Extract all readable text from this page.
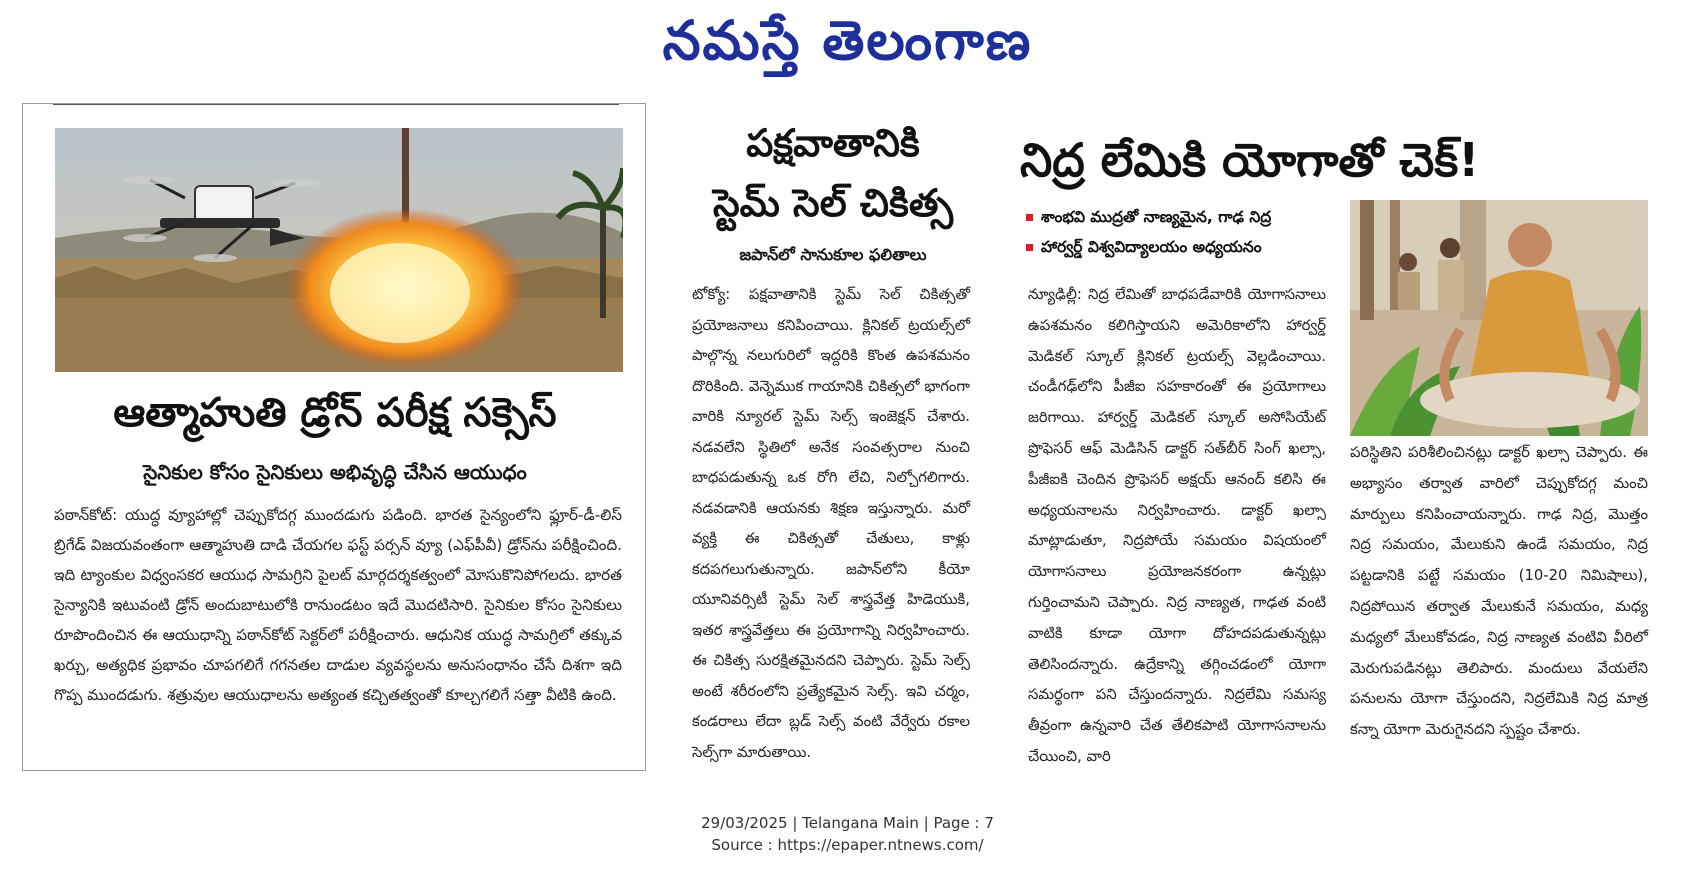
నమస్తే తెలంగాణ
ఆత్మాహుతి డ్రోన్ పరీక్ష సక్సెస్
సైనికుల కోసం సైనికులు అభివృద్ధి చేసిన ఆయుధం
పఠాన్‌కోట్: యుద్ధ వ్యూహాల్లో చెప్పుకోదగ్గ ముందడుగు పడింది. భారత సైన్యంలోని ఫ్లూర్-డీ-లిస్ బ్రిగేడ్ విజయవంతంగా ఆత్మాహుతి దాడి చేయగల ఫస్ట్ పర్సన్ వ్యూ (ఎఫ్‌పీవీ) డ్రోన్‌ను పరీక్షించింది. ఇది ట్యాంకుల విధ్వంసకర ఆయుధ సామగ్రిని పైలట్ మార్గదర్శకత్వంలో మోసుకొనిపోగలదు. భారత సైన్యానికి ఇటువంటి డ్రోన్ అందుబాటులోకి రానుండటం ఇదే మొదటిసారి. సైనికుల కోసం సైనికులు రూపొందించిన ఈ ఆయుధాన్ని పఠాన్‌కోట్ సెక్టర్‌లో పరీక్షించారు. ఆధునిక యుద్ధ సామగ్రిలో తక్కువ ఖర్చు, అత్యధిక ప్రభావం చూపగలిగే గగనతల దాడుల వ్యవస్థలను అనుసంధానం చేసే దిశగా ఇది గొప్ప ముందడుగు. శత్రువుల ఆయుధాలను అత్యంత కచ్చితత్వంతో కూల్చగలిగే సత్తా వీటికి ఉంది.
పక్షవాతానికి
స్టెమ్ సెల్ చికిత్స
జపాన్‌లో సానుకూల ఫలితాలు
టోక్యో: పక్షవాతానికి స్టెమ్ సెల్ చికిత్సతో ప్రయోజనాలు కనిపించాయి. క్లినికల్ ట్రయల్స్‌లో పాల్గొన్న నలుగురిలో ఇద్దరికి కొంత ఉపశమనం దొరికింది. వెన్నెముక గాయానికి చికిత్సలో భాగంగా వారికి న్యూరల్ స్టెమ్ సెల్స్ ఇంజెక్షన్ చేశారు. నడవలేని స్థితిలో అనేక సంవత్సరాల నుంచి బాధపడుతున్న ఒక రోగి లేచి, నిల్చోగలిగారు. నడవడానికి ఆయనకు శిక్షణ ఇస్తున్నారు. మరో వ్యక్తి ఈ చికిత్సతో చేతులు, కాళ్లు కదపగలుగుతున్నారు. జపాన్‌లోని కీయో యూనివర్సిటీ స్టెమ్ సెల్ శాస్త్రవేత్త హిడెయుకి, ఇతర శాస్త్రవేత్తలు ఈ ప్రయోగాన్ని నిర్వహించారు. ఈ చికిత్స సురక్షితమైనదని చెప్పారు. స్టెమ్ సెల్స్ అంటే శరీరంలోని ప్రత్యేకమైన సెల్స్. ఇవి చర్మం, కండరాలు లేదా బ్లడ్ సెల్స్ వంటి వేర్వేరు రకాల సెల్స్‌గా మారుతాయి.
నిద్ర లేమికి యోగాతో చెక్!
శాంభవి ముద్రతో నాణ్యమైన, గాఢ నిద్ర
హార్వర్డ్ విశ్వవిద్యాలయం అధ్యయనం
న్యూఢిల్లీ: నిద్ర లేమితో బాధపడేవారికి యోగాసనాలు ఉపశమనం కలిగిస్తాయని అమెరికాలోని హార్వర్డ్ మెడికల్ స్కూల్ క్లినికల్ ట్రయల్స్ వెల్లడించాయి. చండీగఢ్‌లోని పీజీఐ సహకారంతో ఈ ప్రయోగాలు జరిగాయి. హార్వర్డ్ మెడికల్ స్కూల్ అసోసియేట్ ప్రొఫెసర్ ఆఫ్ మెడిసిన్ డాక్టర్ సత్‌బీర్ సింగ్ ఖల్సా, పీజీఐకి చెందిన ప్రొఫెసర్ అక్షయ్ ఆనంద్ కలిసి ఈ అధ్యయనాలను నిర్వహించారు. డాక్టర్ ఖల్సా మాట్లాడుతూ, నిద్రపోయే సమయం విషయంలో యోగాసనాలు ప్రయోజనకరంగా ఉన్నట్లు గుర్తించామని చెప్పారు. నిద్ర నాణ్యత, గాఢత వంటి వాటికి కూడా యోగా దోహదపడుతున్నట్లు తెలిసిందన్నారు. ఉద్రేకాన్ని తగ్గించడంలో యోగా సమర్థంగా పని చేస్తుందన్నారు. నిద్రలేమి సమస్య తీవ్రంగా ఉన్నవారి చేత తేలికపాటి యోగాసనాలను చేయించి, వారి
పరిస్థితిని పరిశీలించినట్లు డాక్టర్ ఖల్సా చెప్పారు. ఈ అభ్యాసం తర్వాత వారిలో చెప్పుకోదగ్గ మంచి మార్పులు కనిపించాయన్నారు. గాఢ నిద్ర, మొత్తం నిద్ర సమయం, మేలుకుని ఉండే సమయం, నిద్ర పట్టడానికి పట్టే సమయం (10-20 నిమిషాలు), నిద్రపోయిన తర్వాత మేలుకునే సమయం, మధ్య మధ్యలో మేలుకోవడం, నిద్ర నాణ్యత వంటివి వీరిలో మెరుగుపడినట్లు తెలిపారు. మందులు వేయలేని పనులను యోగా చేస్తుందని, నిద్రలేమికి నిద్ర మాత్ర కన్నా యోగా మెరుగైనదని స్పష్టం చేశారు.
29/03/2025 | Telangana Main | Page : 7
Source : https://epaper.ntnews.com/
